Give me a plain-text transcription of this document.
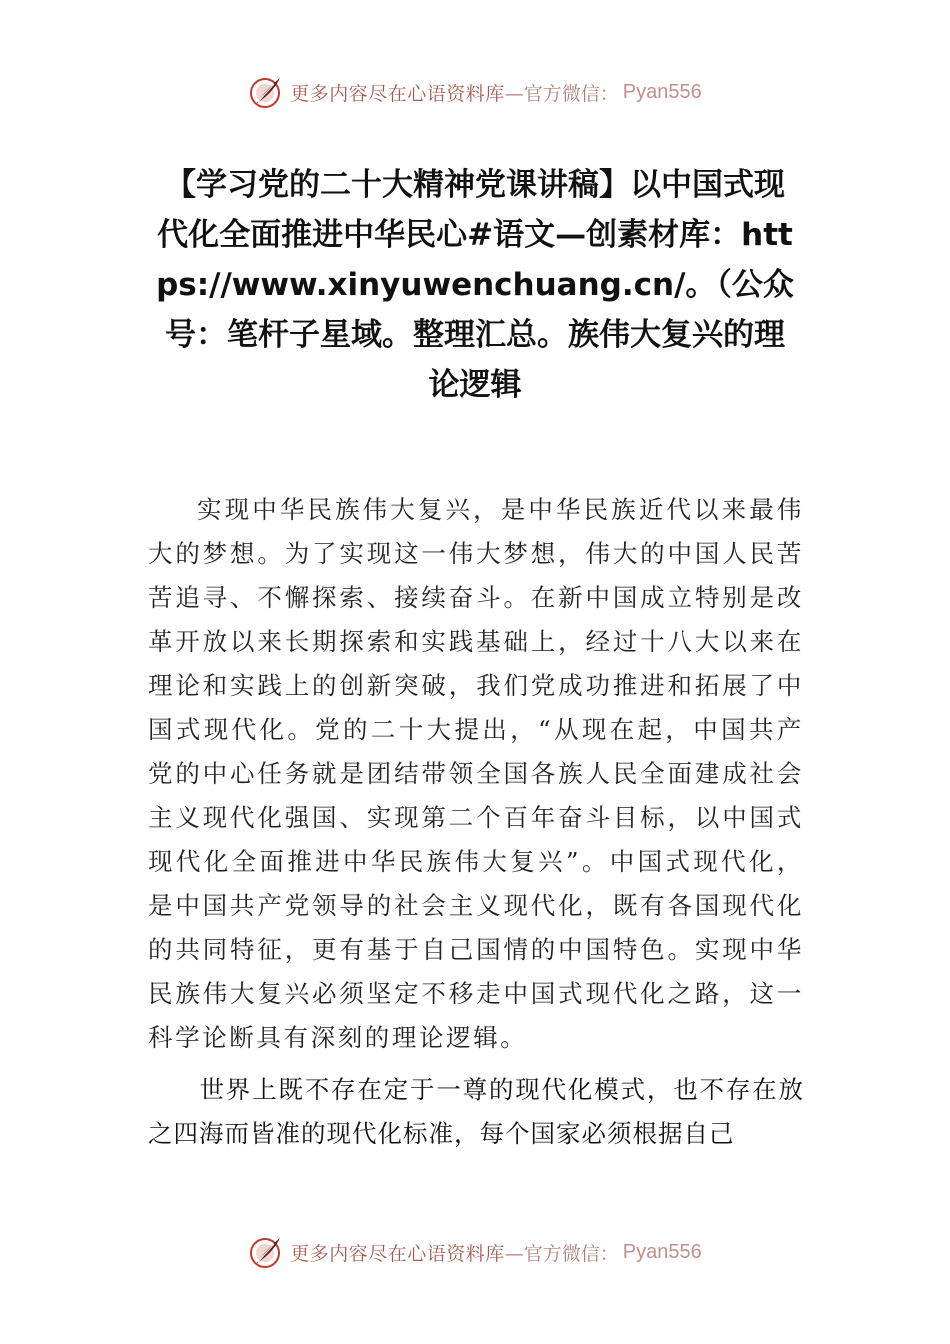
更多内容尽在心语资料库 —官方微信： Pyan556
【学习党的二十大精神党课讲稿】以中国式现代化全面推进中华民心#语文—创素材库：https://www.xinyuwenchuang.cn/。（公众号：笔杆子星域。整理汇总。族伟大复兴的理论逻辑

实现中华民族伟大复兴，是中华民族近代以来最伟大的梦想。为了实现这一伟大梦想，伟大的中国人民苦苦追寻、不懈探索、接续奋斗。在新中国成立特别是改革开放以来长期探索和实践基础上，经过十八大以来在理论和实践上的创新突破，我们党成功推进和拓展了中国式现代化。党的二十大提出，“从现在起，中国共产党的中心任务就是团结带领全国各族人民全面建成社会主义现代化强国、实现第二个百年奋斗目标，以中国式现代化全面推进中华民族伟大复兴”。中国式现代化，是中国共产党领导的社会主义现代化，既有各国现代化的共同特征，更有基于自己国情的中国特色。实现中华民族伟大复兴必须坚定不移走中国式现代化之路，这一科学论断具有深刻的理论逻辑。

世界上既不存在定于一尊的现代化模式，也不存在放之四海而皆准的现代化标准，每个国家必须根据自己

更多内容尽在心语资料库 —官方微信： Pyan556
